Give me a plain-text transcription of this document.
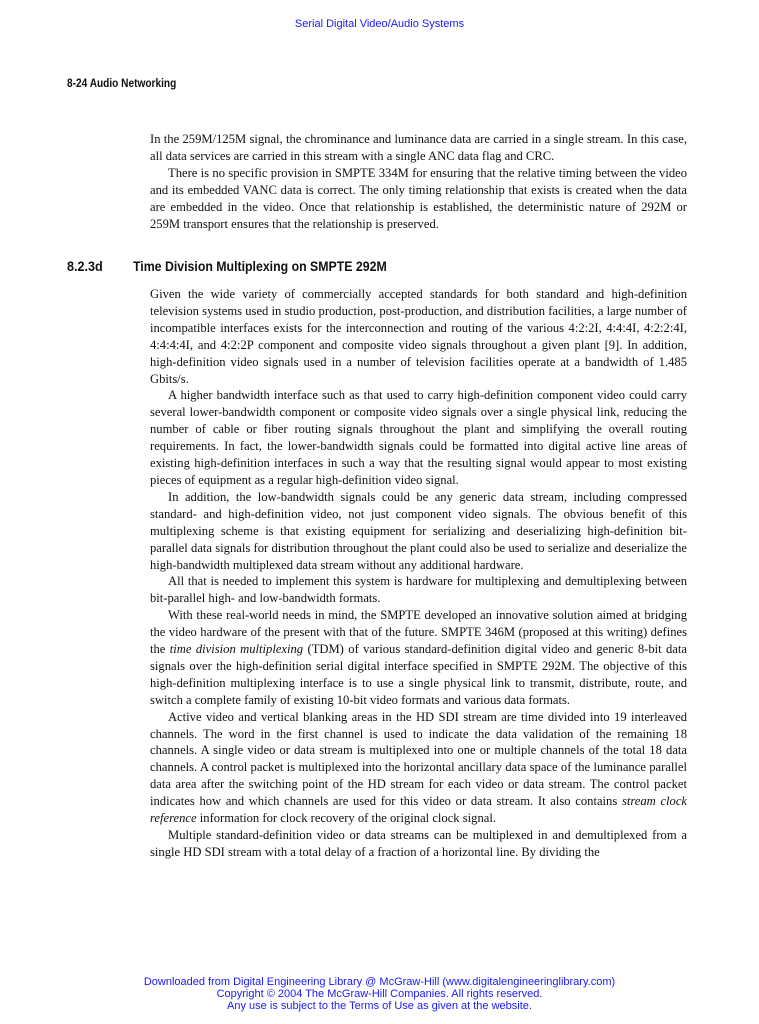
Serial Digital Video/Audio Systems
8-24 Audio Networking

In the 259M/125M signal, the chrominance and luminance data are carried in a single stream. In this case, all data services are carried in this stream with a single ANC data flag and CRC.

There is no specific provision in SMPTE 334M for ensuring that the relative timing between the video and its embedded VANC data is correct. The only timing relationship that exists is created when the data are embedded in the video. Once that relationship is established, the deterministic nature of 292M or 259M transport ensures that the relationship is preserved.

8.2.3d Time Division Multiplexing on SMPTE 292M

Given the wide variety of commercially accepted standards for both standard and high-definition television systems used in studio production, post-production, and distribution facilities, a large number of incompatible interfaces exists for the interconnection and routing of the various 4:2:2I, 4:4:4I, 4:2:2:4I, 4:4:4:4I, and 4:2:2P component and composite video signals throughout a given plant [9]. In addition, high-definition video signals used in a number of television facilities operate at a bandwidth of 1.485 Gbits/s.

A higher bandwidth interface such as that used to carry high-definition component video could carry several lower-bandwidth component or composite video signals over a single physical link, reducing the number of cable or fiber routing signals throughout the plant and simplifying the overall routing requirements. In fact, the lower-bandwidth signals could be formatted into digital active line areas of existing high-definition interfaces in such a way that the resulting signal would appear to most existing pieces of equipment as a regular high-definition video signal.

In addition, the low-bandwidth signals could be any generic data stream, including compressed standard- and high-definition video, not just component video signals. The obvious benefit of this multiplexing scheme is that existing equipment for serializing and deserializing high-definition bit-parallel data signals for distribution throughout the plant could also be used to serialize and deserialize the high-bandwidth multiplexed data stream without any additional hardware.

All that is needed to implement this system is hardware for multiplexing and demultiplexing between bit-parallel high- and low-bandwidth formats.

With these real-world needs in mind, the SMPTE developed an innovative solution aimed at bridging the video hardware of the present with that of the future. SMPTE 346M (proposed at this writing) defines the time division multiplexing (TDM) of various standard-definition digital video and generic 8-bit data signals over the high-definition serial digital interface specified in SMPTE 292M. The objective of this high-definition multiplexing interface is to use a single physical link to transmit, distribute, route, and switch a complete family of existing 10-bit video formats and various data formats.

Active video and vertical blanking areas in the HD SDI stream are time divided into 19 interleaved channels. The word in the first channel is used to indicate the data validation of the remaining 18 channels. A single video or data stream is multiplexed into one or multiple channels of the total 18 data channels. A control packet is multiplexed into the horizontal ancillary data space of the luminance parallel data area after the switching point of the HD stream for each video or data stream. The control packet indicates how and which channels are used for this video or data stream. It also contains stream clock reference information for clock recovery of the original clock signal.

Multiple standard-definition video or data streams can be multiplexed in and demultiplexed from a single HD SDI stream with a total delay of a fraction of a horizontal line. By dividing the

Downloaded from Digital Engineering Library @ McGraw-Hill (www.digitalengineeringlibrary.com)
Copyright © 2004 The McGraw-Hill Companies. All rights reserved.
Any use is subject to the Terms of Use as given at the website.
